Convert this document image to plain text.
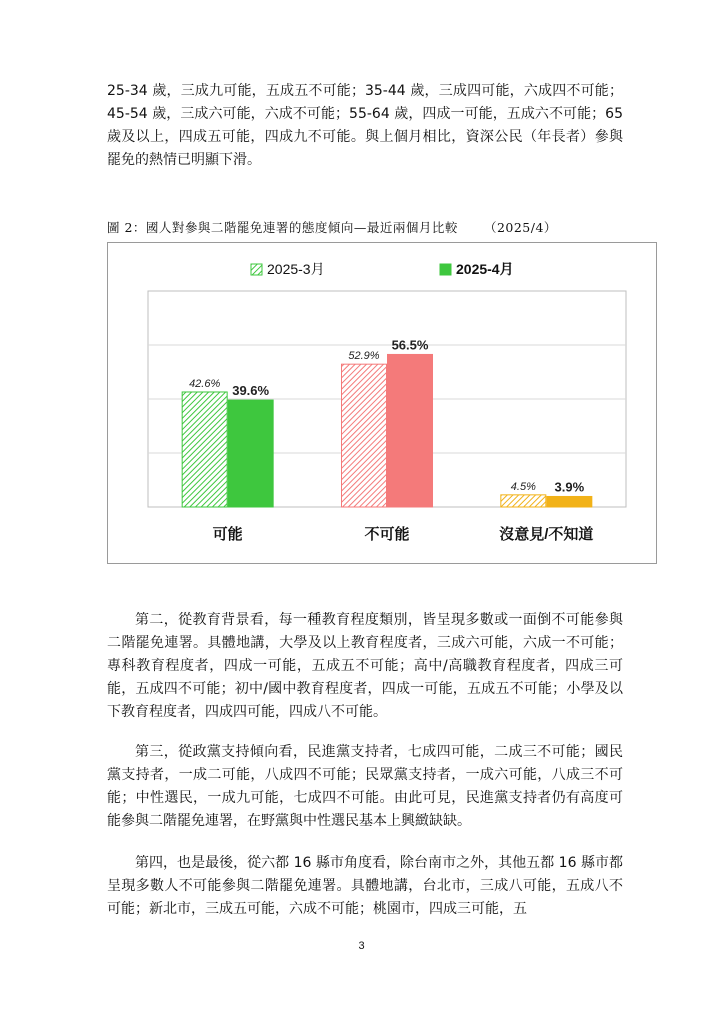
25-34 歲，三成九可能，五成五不可能；35-44 歲，三成四可能，六成四不可能；45-54 歲，三成六可能，六成不可能；55-64 歲，四成一可能，五成六不可能；65 歲及以上，四成五可能，四成九不可能。與上個月相比，資深公民（年長者）參與罷免的熱情已明顯下滑。

圖 2：國人對參與二階罷免連署的態度傾向—最近兩個月比較 （2025/4）
2025-3月	2025-4月
42.6% 39.6%
52.9%
56.5%
4.5% 3.9%
可能	不可能	沒意見/不知道

第二，從教育背景看，每一種教育程度類別，皆呈現多數或一面倒不可能參與二階罷免連署。具體地講，大學及以上教育程度者，三成六可能，六成一不可能；專科教育程度者，四成一可能，五成五不可能；高中/高職教育程度者，四成三可能，五成四不可能；初中/國中教育程度者，四成一可能，五成五不可能；小學及以下教育程度者，四成四可能，四成八不可能。

第三，從政黨支持傾向看，民進黨支持者，七成四可能，二成三不可能；國民黨支持者，一成二可能，八成四不可能；民眾黨支持者，一成六可能，八成三不可能；中性選民，一成九可能，七成四不可能。由此可見，民進黨支持者仍有高度可能參與二階罷免連署，在野黨與中性選民基本上興緻缺缺。

第四，也是最後，從六都 16 縣市角度看，除台南市之外，其他五都 16 縣市都呈現多數人不可能參與二階罷免連署。具體地講，台北市，三成八可能，五成八不可能；新北市，三成五可能，六成不可能；桃園市，四成三可能，五

3
